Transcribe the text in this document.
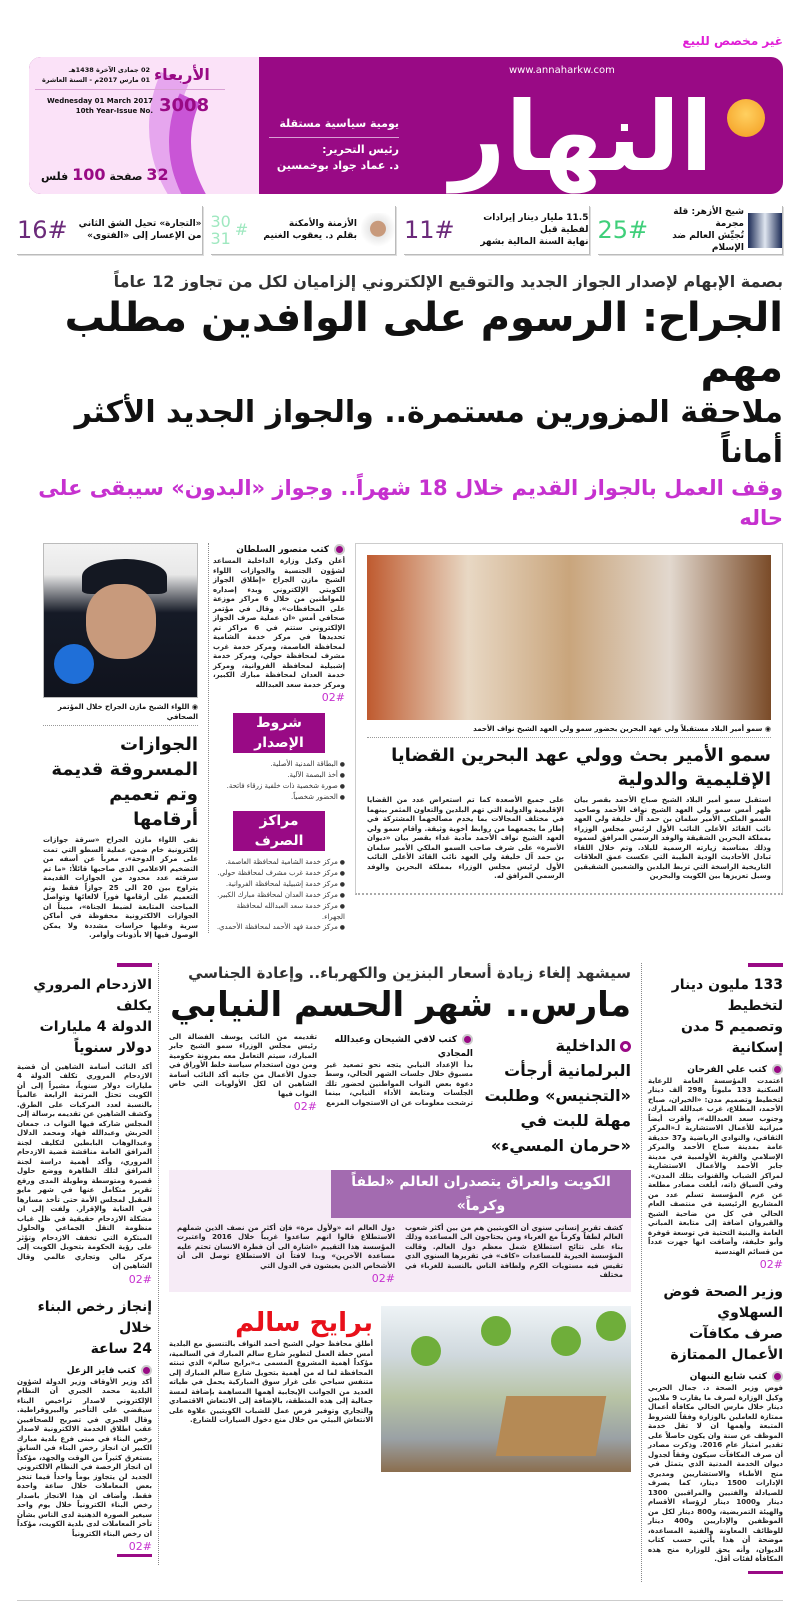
غير مخصص للبيع
www.annaharkw.com
النهار
يومية سياسية مستقلة
رئيس التحرير:
د. عماد جواد بوخمسين
الأربعاء
02 جمادى الآخرة 1438هـ
01 مارس 2017م - السنة العاشرة
3008
Wednesday 01 March 2017
10th Year-Issue No.
32 صفحة 100 فلس
شيخ الأزهر: قلة مجرمة
تُجيِّش العالم ضد الإسلام
25#
11.5 مليار دينار إيرادات لفطية قبل
نهاية السنة المالية بشهر
11#
الأزمنة والأمكنة
بقلم د. يعقوب الغنيم
#
30
31
«التجارة» تحيل الشق الثاني
من الإعسار إلى «الفتوى»
16#
بصمة الإبهام لإصدار الجواز الجديد والتوقيع الإلكتروني إلزاميان لكل من تجاوز 12 عاماً
الجراح: الرسوم على الوافدين مطلب مهم
ملاحقة المزورين مستمرة.. والجواز الجديد الأكثر أماناً
وقف العمل بالجواز القديم خلال 18 شهراً.. وجواز «البدون» سيبقى على حاله
◉ سمو أمير البلاد مستقبلاً ولي عهد البحرين بحضور سمو ولي العهد الشيخ نواف الأحمد
سمو الأمير بحث وولي عهد البحرين القضايا الإقليمية والدولية
استقبل سمو أمير البلاد الشيخ صباح الأحمد بقصر بيان ظهر أمس سمو ولي العهد الشيخ نواف الأحمد وصاحب السمو الملكي الأمير سلمان بن حمد آل خليفة ولي العهد نائب القائد الأعلى النائب الأول لرئيس مجلس الوزراء بمملكة البحرين الشقيقة والوفد الرسمي المرافق لسموه وذلك بمناسبة زيارته الرسمية للبلاد. وتم خلال اللقاء تبادل الأحاديث الودية الطيبة التي عكست عمق العلاقات التاريخية الراسخة التي تربط البلدين والشعبين الشقيقين وسبل تعزيزها بين الكويت والبحرين
على جميع الأصعدة كما تم استعراض عدد من القضايا الإقليمية والدولية التي تهم البلدين والتعاون المثمر بينهما في مختلف المجالات بما يخدم مصالحهما المشتركة في إطار ما يجمعهما من روابط أخوية وثيقة. وأقام سمو ولي العهد الشيخ نواف الأحمد مأدبة غداء بقصر بيان «ديوان الأسرة» على شرف صاحب السمو الملكي الأمير سلمان بن حمد آل خليفة ولي العهد نائب القائد الأعلى النائب الأول لرئيس مجلس الوزراء بمملكة البحرين والوفد الرسمي المرافق له.
كتب منصور السلطان
أعلن وكيل وزارة الداخلية المساعد لشؤون الجنسية والجوازات اللواء الشيخ مازن الجراح «إطلاق الجواز الكويتي الإلكتروني وبدء إصداره للمواطنين من خلال 6 مراكز موزعة على المحافظات». وقال في مؤتمر صحافي أمس «ان عملية صرف الجواز الإلكتروني ستتم في 6 مراكز تم تحديدها في مركز خدمة الشامية لمحافظة العاصمة، ومركز خدمة غرب مشرف لمحافظة حولي، ومركز خدمة إشبيلية لمحافظة الفروانية، ومركز خدمة العدان لمحافظة مبارك الكبير، ومركز خدمة سعد العبدالله
02#
شروط الإصدار
● البطاقة المدنية الأصلية.
● أخذ البصمة الآلية.
● صورة شخصية ذات خلفية زرقاء فاتحة.
● الحضور شخصياً.
مراكز الصرف
● مركز خدمة الشامية لمحافظة العاصمة.
● مركز خدمة غرب مشرف لمحافظة حولي.
● مركز خدمة إشبيلية لمحافظة الفروانية.
● مركز خدمة العدان لمحافظة مبارك الكبير.
● مركز خدمة سعد العبدالله لمحافظة الجهراء.
● مركز خدمة فهد الأحمد لمحافظة الأحمدي.
◉ اللواء الشيخ مازن الجراح خلال المؤتمر الصحافي
الجوازات المسروقة قديمة
وتم تعميم أرقامها
نفى اللواء مازن الجراح «سرقة جوازات إلكترونية خام ضمن عملية السطو التي تمت على مركز الدوحة»، معرباً عن أسفه من التضخيم الاعلامي الذي صاحبها قائلاً: «ما تم سرقته عدد محدود من الجوازات القديمة يتراوح بين 20 الى 25 جوازاً فقط وتم التعميم على أرقامها فوراً لالغائها وتواصل المباحث المتابعة لضبط الجناة»، مبيناً ان الجوازات الالكترونية محفوظة في أماكن سرية وعليها حراسات مشددة ولا يمكن الوصول فيها إلا بأذونات وأوامر.
133 مليون دينار لتخطيط
وتصميم 5 مدن إسكانية
كتب علي الفرحان
اعتمدت المؤسسة العامة للرعاية السكنية 133 مليوناً و298 ألف دينار لتخطيط وتصميم مدن: «الخيران، صباح الأحمد، المطلاع، غرب عبدالله المبارك، وجنوب سعد العبدالله»، وأقرت أيضاً ميزانية للأعمال الاستشارية لـ«المركز الثقافي، والنوادي الرياضية و37 حديقة عامة بمدينة صباح الأحمد والمركز الإسلامي والقرية الأولمبية في مدينة جابر الأحمد والأعمال الاستشارية لمراكز الشباب والقنوات بتلك المدن». وفي السياق ذاته، أبلغت مصادر مطلعة عن عزم المؤسسة تسلم عدد من المشاريع الرئيسية في منتصف العام الحالي في كل من ضاحية الشيخ والقيروان اضافة إلى متابعة المباني العامة والبنية التحتية في توسعة قوفرة وأبو حليفة، وأضافت انها جهزت عدداً من قسائم الهندسية
02#
وزير الصحة فوض السهلاوي
صرف مكافآت الأعمال الممتازة
كتب شايع النبهان
فوض وزير الصحة د. جمال الحربي وكيل الوزارة لصرف ما يقارب 9 ملايين دينار خلال مارس الحالي مكافأة أعمال ممتازة للعاملين بالوزارة وفقاً للشروط المتبعة وأهمها ان لا تقل خدمة الموظف عن سنة وان يكون حاصلاً على تقدير امتياز عام 2016. وذكرت مصادر أن صرف المكافآت سيكون وفقاً لجدول ديوان الخدمة المدنية الذي يتمثل في منح الأطباء والاستشاريين ومديري الإدارات 1500 دينار، كما يصرف للصيادلة والفنيين والمراقبين 1300 دينار و1000 دينار لرؤساء الأقسام والهيئة التمريضية، و800 دينار لكل من الموظفين والإداريين و400 دينار للوظائف المعاونة والفنية المساعدة، موضحة أن هذا يأتي حسب كتاب الديوان، وأنه يحق للوزارة منح هذه المكافأة لفئات أقل.
سيشهد إلغاء زيادة أسعار البنزين والكهرباء.. وإعادة الجناسي
مارس.. شهر الحسم النيابي
الداخلية البرلمانية أرجأت «التجنيس» وطلبت مهلة للبت في «حرمان المسيء»
كتب لافي الشيحان وعبدالله المجادي
بدأ الإعداد النيابي يتجه نحو تصعيد غير مسبوق خلال جلسات الشهر الحالي، وسط دعوة بعض النواب المواطنين لحضور تلك الجلسات ومتابعة الأداء النيابي، بينما ترشحت معلومات عن ان الاستجواب المزمع
تقديمه من النائب يوسف الفضالة الى رئيس مجلس الوزراء سمو الشيخ جابر المبارك، سيتم التعامل معه بمرونة حكومية ومن دون استخدام سياسة خلط الأوراق في جدول الأعمال من جانبه أكد النائب أسامة الشاهين ان لكل الأولويات التي خاض النواب فيها
02#
الكويت والعراق يتصدران العالم «لطفاً وكرماً»
كشف تقرير إنساني سنوي أن الكويتيين هم من بين أكثر شعوب العالم لطفاً وكرماً مع الغرباء ومن يحتاجون الى المساعدة وذلك بناء على نتائج استطلاع شمل معظم دول العالم. وقالت المؤسسة الخيرية للمساعدات «كاف» في تقريرها السنوي الذي تقيس فيه مستويات الكرم ولطافة الناس بالنسبة للغرباء في مختلف
دول العالم انه «ولأول مرة» فإن أكثر من نصف الذين شملهم الاستطلاع قالوا انهم ساعدوا غريباً خلال 2016 واعتبرت المؤسسة هذا التقييم «اشارة الى أن فطرة الانسان تحتم عليه مساعدة الآخرين» وبدا لافتاً ان الاستطلاع توصل الى أن الأشخاص الذين يعيشون في الدول التي
02#
برايح سالم
أطلق محافظ حولي الشيخ أحمد النواف بالتنسيق مع البلدية أمس خطة العمل لتطوير شارع سالم المبارك في السالمية، مؤكداً أهمية المشروع المسمى بـ«برايح سالم» الذي تبنته المحافظة لما له من أهمية بتحويل شارع سالم المبارك إلى متنفس سياحي على غرار سوق المباركية يحمل في طياته العديد من الجوانب الإيجابية أهمها المساهمة بإضافة لمسة جمالية إلى هذه المنطقة، بالإضافة إلى الانتعاش الاقتصادي والتجاري وتوفير فرص عمل للشباب الكويتيين علاوة على الانتعاش البيئي من خلال منع دخول السيارات للشارع.
الازدحام المروري يكلف
الدولة 4 مليارات دولار سنوياً
أكد النائب أسامة الشاهين أن قضية الازدحام المروري تكلف الدولة 4 مليارات دولار سنوياً، مشيراً إلى أن الكويت تحتل المرتبة الرابعة عالمياً بالنسبة لعدد المركبات على الطرق. وكشف الشاهين عن تقديمه برسالة إلى المجلس شاركه فيها النواب د. جمعان الحربش وعبدالله فهاد ومحمد الدلال وعبدالوهاب البابطين لتكليف لجنة المرافق العامة مناقشة قضية الازدحام المروري، وأكد أهمية دراسة لجنة المرافق لتلك الظاهرة ووضع حلول قصيرة ومتوسطة وطويلة المدى ورفع تقرير متكامل عنها في شهر مايو المقبل لمجلس الأمة حتى تأخذ مسارها في العناية والإقرار. ولفت إلى ان مشكلة الازدحام حقيقية في ظل غياب منظومة النقل الجماعي والحلول المبتكرة التي تخفف الازدحام وتؤثر على رؤية الحكومة بتحويل الكويت إلى مركز مالي وتجاري عالمي وقال الشاهين إن
02#
إنجاز رخص البناء خلال
24 ساعة
كتب فايز الزعل
أكد وزير الأوقاف وزير الدولة لشؤون البلدية محمد الجبري أن النظام الإلكتروني لاصدار تراخيص البناء سيقضي على التأخير والبيروقراطية. وقال الجبري في تصريح للصحافيين عقب اطلاق الخدمة الالكترونية لاصدار رخص البناء في مبنى فرع بلدية مبارك الكبير ان انجاز رخص البناء في السابق يستغرق كثيراً من الوقت والجهد، مؤكداً ان انجاز الرخصة في النظام الالكتروني الجديد لن يتجاوز يوماً واحداً فيما تنجز بعض المعاملات خلال ساعة واحدة فقط. وأضاف ان هذا الانجاز باصدار رخص البناء الكترونياً خلال يوم واحد سيغير الصورة الذهنية لدى الناس بشأن تأخر المعاملات لدى بلدية الكويت، مؤكداً ان رخص البناء الكترونياً
02#
